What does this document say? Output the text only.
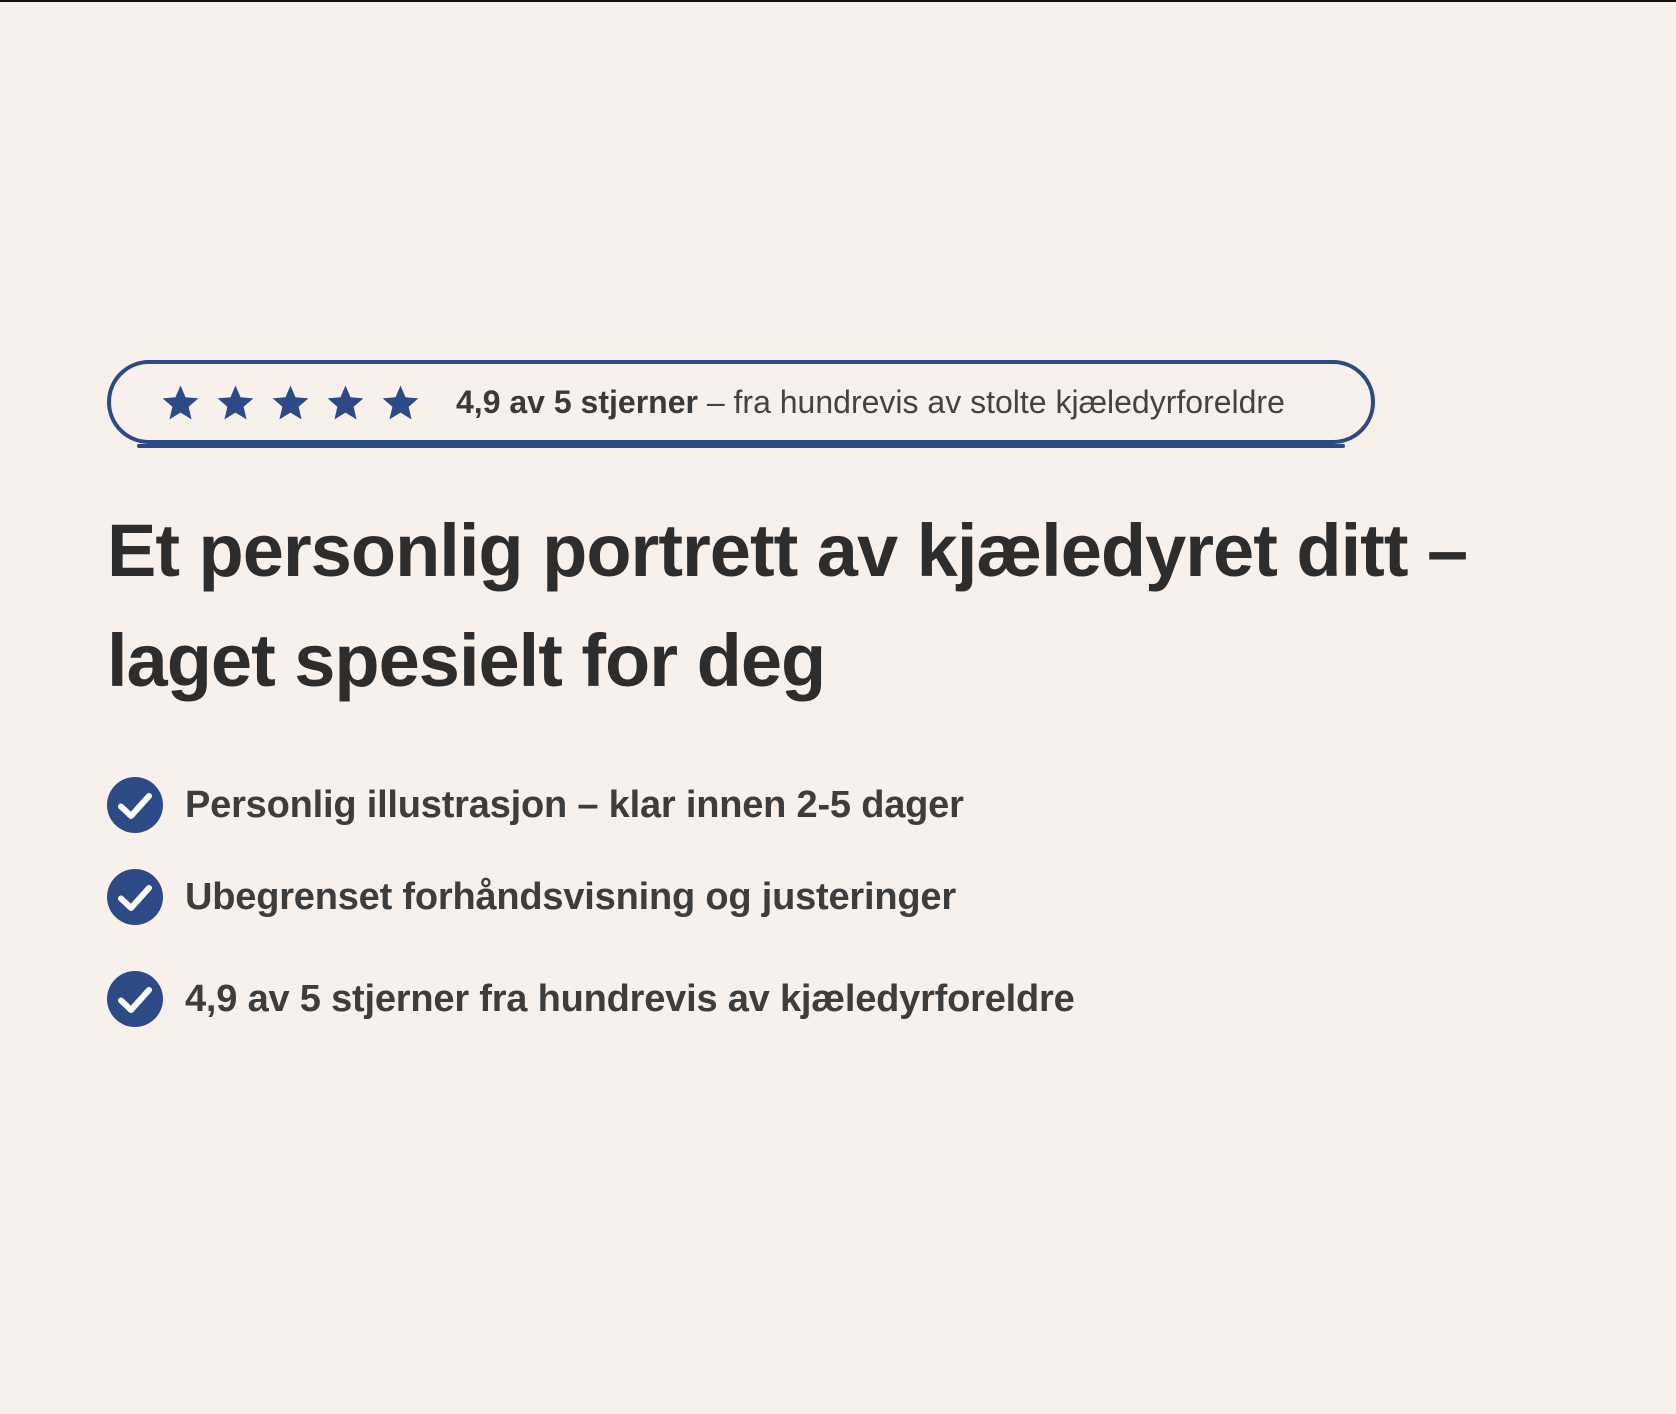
4,9 av 5 stjerner – fra hundrevis av stolte kjæledyrforeldre
Et personlig portrett av kjæledyret ditt –
laget spesielt for deg
Personlig illustrasjon – klar innen 2-5 dager
Ubegrenset forhåndsvisning og justeringer
4,9 av 5 stjerner fra hundrevis av kjæledyrforeldre
